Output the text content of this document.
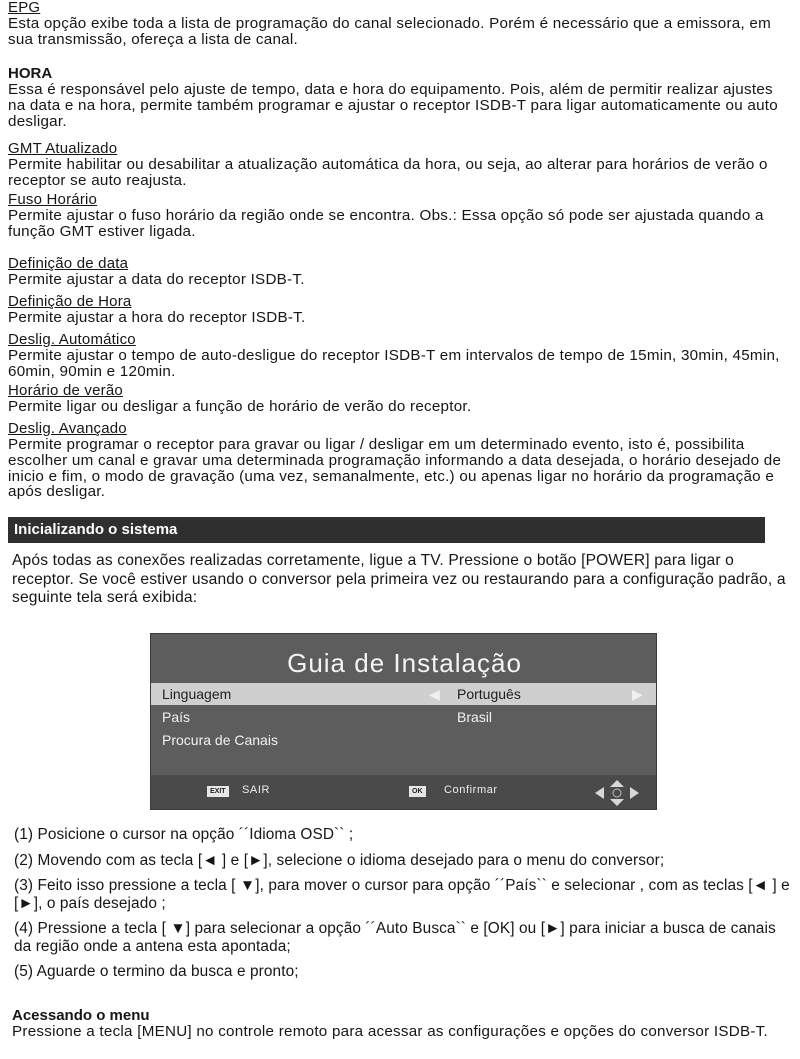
EPG
Esta opção exibe toda a lista de programação do canal selecionado. Porém é necessário que a emissora, em sua transmissão, ofereça a lista de canal.
HORA
Essa é responsável pelo ajuste de tempo, data e hora do equipamento. Pois, além de permitir realizar ajustes na data e na hora, permite também programar e ajustar o receptor ISDB-T para ligar automaticamente ou auto desligar.
GMT Atualizado
Permite habilitar ou desabilitar a atualização automática da hora, ou seja, ao alterar para horários de verão o receptor se auto reajusta.
Fuso Horário
Permite ajustar o fuso horário da região onde se encontra. Obs.: Essa opção só pode ser ajustada quando a função GMT estiver ligada.
Definição de data
Permite ajustar a data do receptor ISDB-T.
Definição de Hora
Permite ajustar a hora do receptor ISDB-T.
Deslig. Automático
Permite ajustar o tempo de auto-desligue do receptor ISDB-T em intervalos de tempo de 15min, 30min, 45min, 60min, 90min e 120min.
Horário de verão
Permite ligar ou desligar a função de horário de verão do receptor.
Deslig. Avançado
Permite programar o receptor para gravar ou ligar / desligar em um determinado evento, isto é, possibilita escolher um canal e gravar uma determinada programação informando a data desejada, o horário desejado de inicio e fim, o modo de gravação (uma vez, semanalmente, etc.) ou apenas ligar no horário da programação e após desligar.
Inicializando o sistema
Após todas as conexões realizadas corretamente, ligue a TV. Pressione o botão [POWER] para ligar o receptor. Se você estiver usando o conversor pela primeira vez ou restaurando para a configuração padrão, a seguinte tela será exibida:
Guia de Instalação
Linguagem	◀ Português	▶
País	Brasil
Procura de Canais
EXIT SAIR	OK Confirmar
(1) Posicione o cursor na opção ´´Idioma OSD`` ;
(2) Movendo com as tecla [◄ ] e [►], selecione o idioma desejado para o menu do conversor;
(3) Feito isso pressione a tecla [ ▼], para mover o cursor para opção ´´País`` e selecionar , com as teclas [◄ ] e [►], o país desejado ;
(4) Pressione a tecla [ ▼] para selecionar a opção ´´Auto Busca`` e [OK] ou [►] para iniciar a busca de canais da região onde a antena esta apontada;
(5) Aguarde o termino da busca e pronto;
Acessando o menu
Pressione a tecla [MENU] no controle remoto para acessar as configurações e opções do conversor ISDB-T.
